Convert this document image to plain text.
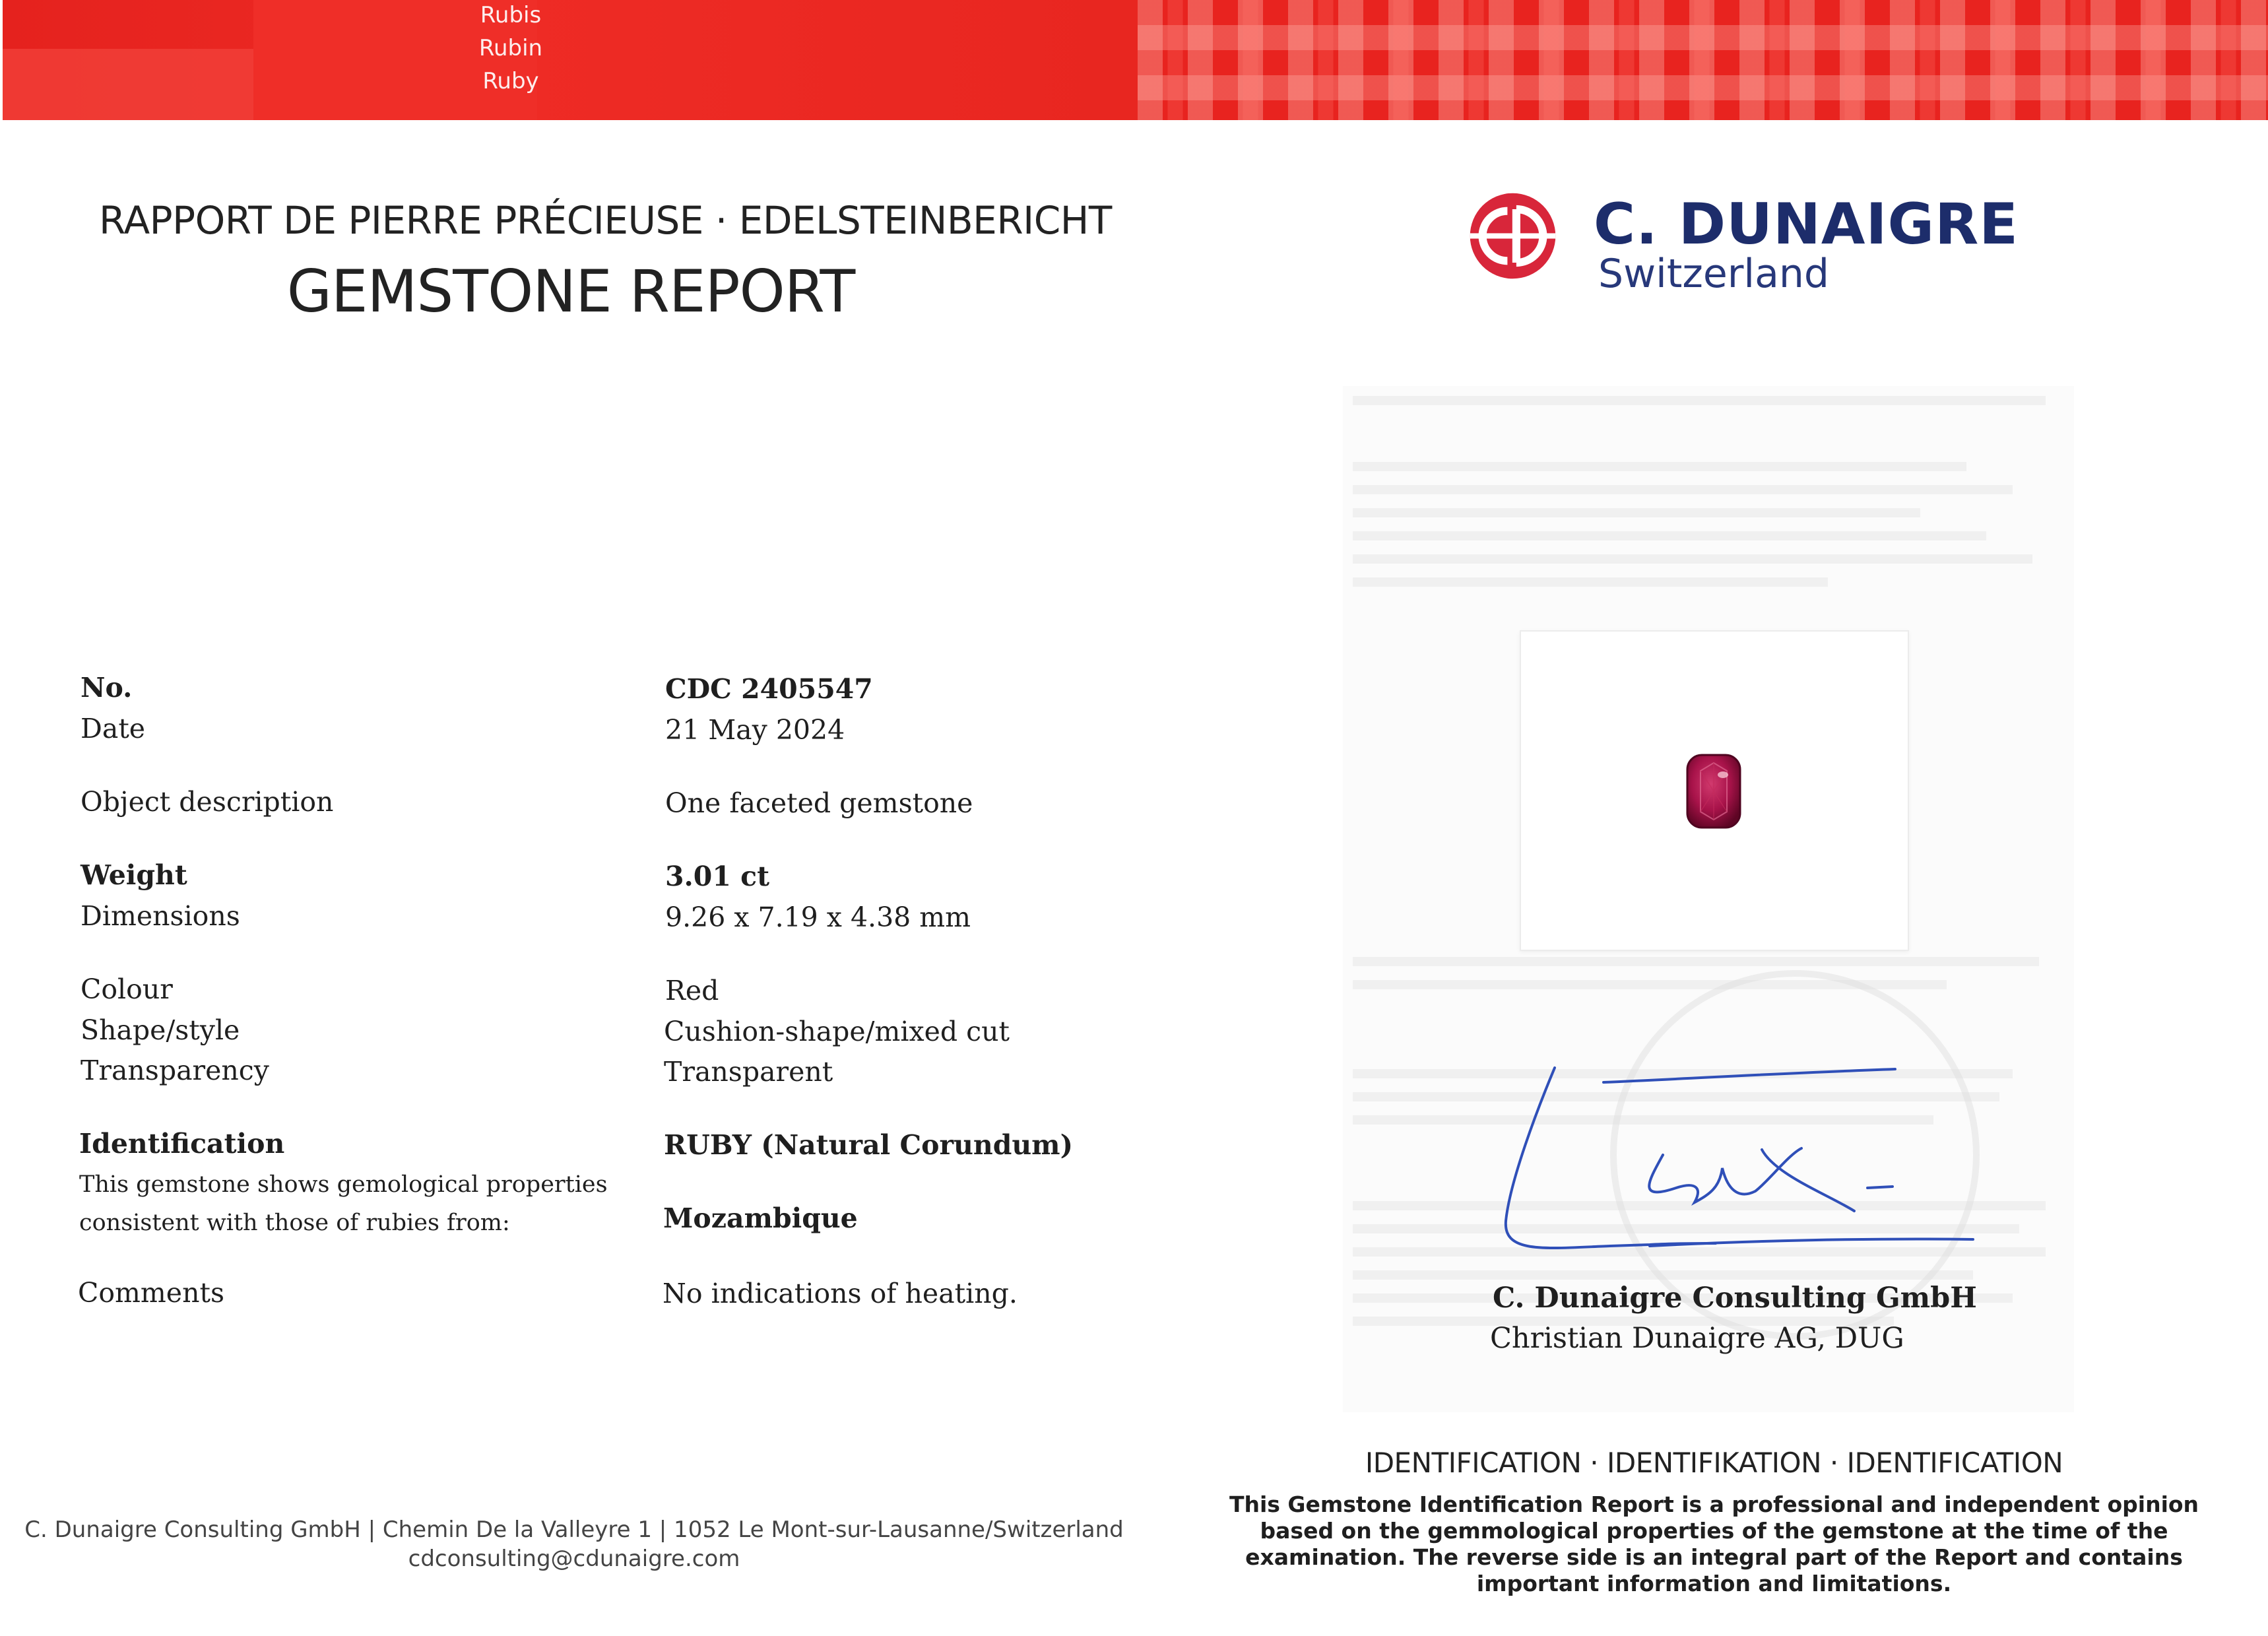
Rubis
Rubin
Ruby
RAPPORT DE PIERRE PRÉCIEUSE · EDELSTEINBERICHT
GEMSTONE REPORT
C. DUNAIGRE
Switzerland
No.
Date
Object description
Weight
Dimensions
Colour
Shape/style
Transparency
Identification
This gemstone shows gemological properties
consistent with those of rubies from:
Comments
CDC 2405547
21 May 2024
One faceted gemstone
3.01 ct
9.26 x 7.19 x 4.38 mm
Red
Cushion-shape/mixed cut
Transparent
RUBY (Natural Corundum)
Mozambique
No indications of heating.	C. Dunaigre Consulting GmbH
Christian Dunaigre AG, DUG
IDENTIFICATION · IDENTIFIKATION · IDENTIFICATION
This Gemstone Identification Report is a professional and independent opinion
based on the gemmological properties of the gemstone at the time of the
examination. The reverse side is an integral part of the Report and contains
important information and limitations.
C. Dunaigre Consulting GmbH | Chemin De la Valleyre 1 | 1052 Le Mont-sur-Lausanne/Switzerland
cdconsulting@cdunaigre.com
